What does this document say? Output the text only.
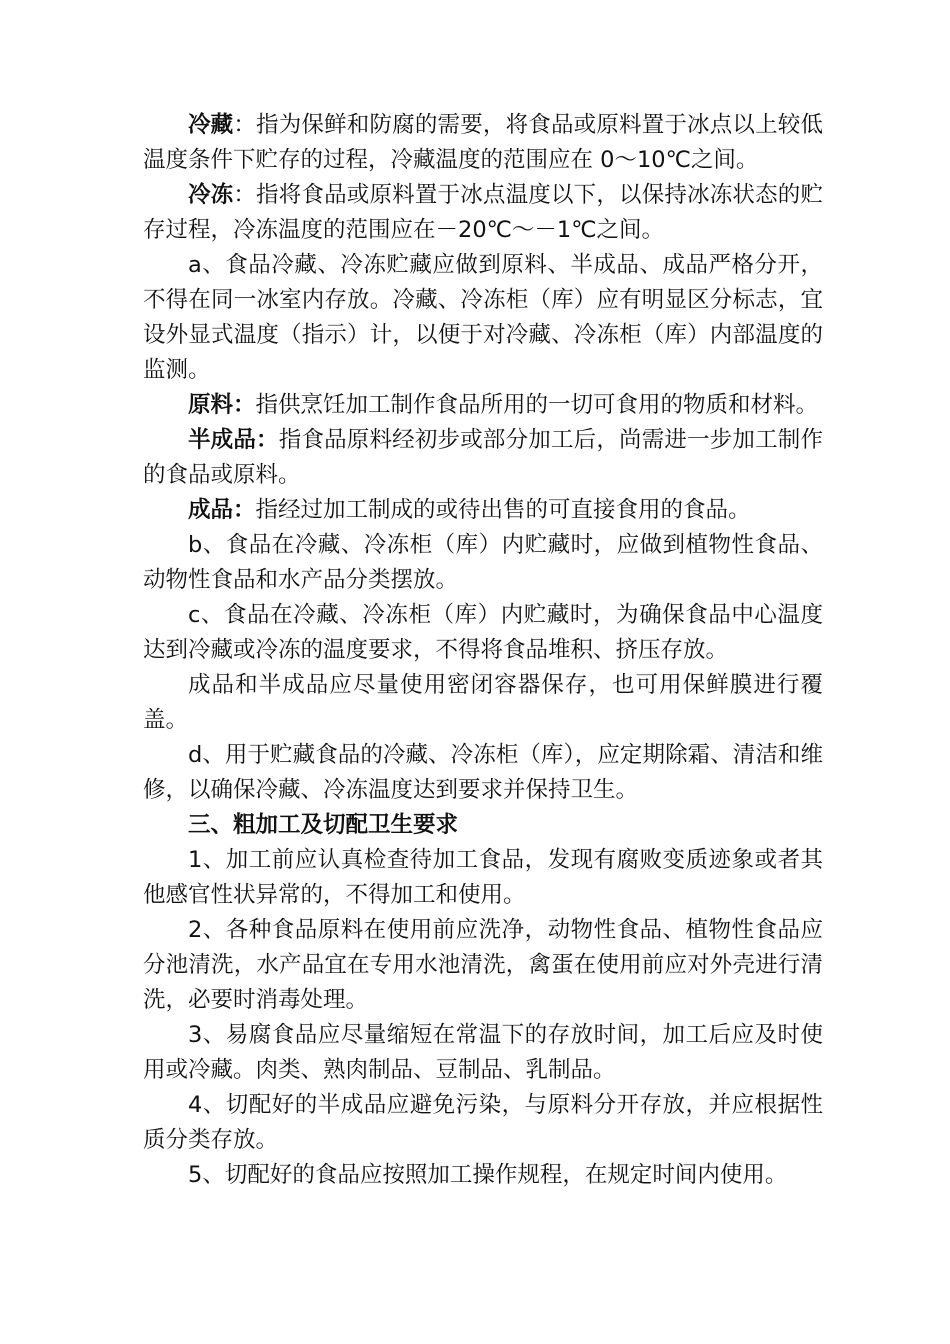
冷藏：指为保鲜和防腐的需要，将食品或原料置于冰点以上较低温度条件下贮存的过程，冷藏温度的范围应在 0～10℃之间。

冷冻：指将食品或原料置于冰点温度以下，以保持冰冻状态的贮存过程，冷冻温度的范围应在－20℃～－1℃之间。

a、食品冷藏、冷冻贮藏应做到原料、半成品、成品严格分开，不得在同一冰室内存放。冷藏、冷冻柜（库）应有明显区分标志，宜设外显式温度（指示）计，以便于对冷藏、冷冻柜（库）内部温度的监测。

原料：指供烹饪加工制作食品所用的一切可食用的物质和材料。

半成品：指食品原料经初步或部分加工后，尚需进一步加工制作的食品或原料。

成品：指经过加工制成的或待出售的可直接食用的食品。

b、食品在冷藏、冷冻柜（库）内贮藏时，应做到植物性食品、动物性食品和水产品分类摆放。

c、食品在冷藏、冷冻柜（库）内贮藏时，为确保食品中心温度达到冷藏或冷冻的温度要求，不得将食品堆积、挤压存放。

成品和半成品应尽量使用密闭容器保存，也可用保鲜膜进行覆盖。

d、用于贮藏食品的冷藏、冷冻柜（库），应定期除霜、清洁和维修，以确保冷藏、冷冻温度达到要求并保持卫生。

三、粗加工及切配卫生要求

1、加工前应认真检查待加工食品，发现有腐败变质迹象或者其他感官性状异常的，不得加工和使用。

2、各种食品原料在使用前应洗净，动物性食品、植物性食品应分池清洗，水产品宜在专用水池清洗，禽蛋在使用前应对外壳进行清洗，必要时消毒处理。

3、易腐食品应尽量缩短在常温下的存放时间，加工后应及时使用或冷藏。肉类、熟肉制品、豆制品、乳制品。

4、切配好的半成品应避免污染，与原料分开存放，并应根据性质分类存放。

5、切配好的食品应按照加工操作规程，在规定时间内使用。
